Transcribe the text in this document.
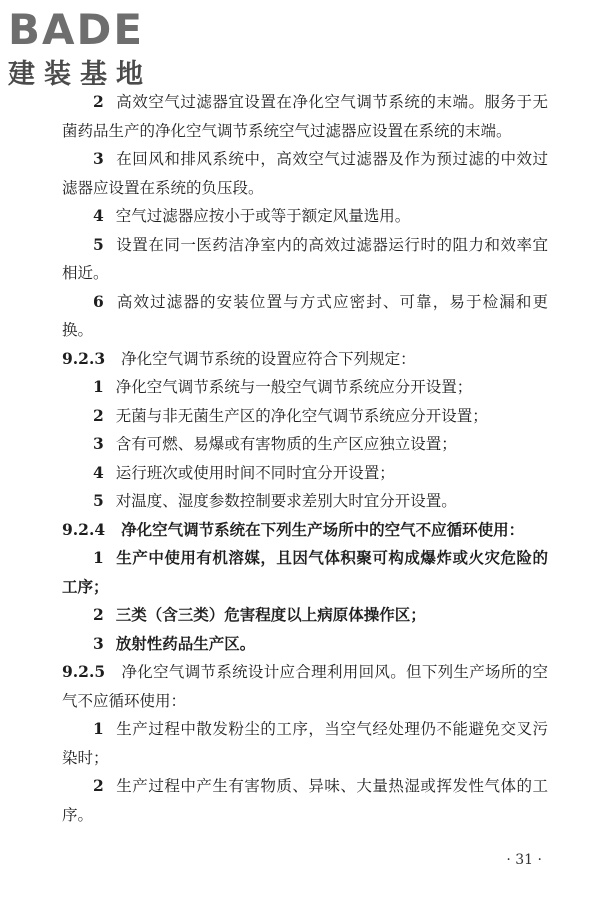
BADE
建装基地

2 高效空气过滤器宜设置在净化空气调节系统的末端。服务于无菌药品生产的净化空气调节系统空气过滤器应设置在系统的末端。

3 在回风和排风系统中，高效空气过滤器及作为预过滤的中效过滤器应设置在系统的负压段。

4 空气过滤器应按小于或等于额定风量选用。

5 设置在同一医药洁净室内的高效过滤器运行时的阻力和效率宜相近。

6 高效过滤器的安装位置与方式应密封、可靠，易于检漏和更换。

9.2.3 净化空气调节系统的设置应符合下列规定：

1 净化空气调节系统与一般空气调节系统应分开设置；

2 无菌与非无菌生产区的净化空气调节系统应分开设置；

3 含有可燃、易爆或有害物质的生产区应独立设置；

4 运行班次或使用时间不同时宜分开设置；

5 对温度、湿度参数控制要求差别大时宜分开设置。

9.2.4 净化空气调节系统在下列生产场所中的空气不应循环使用：

1 生产中使用有机溶媒，且因气体积聚可构成爆炸或火灾危险的工序；

2 三类（含三类）危害程度以上病原体操作区；

3 放射性药品生产区。

9.2.5 净化空气调节系统设计应合理利用回风。但下列生产场所的空气不应循环使用：

1 生产过程中散发粉尘的工序，当空气经处理仍不能避免交叉污染时；

2 生产过程中产生有害物质、异味、大量热湿或挥发性气体的工序。

· 31 ·
